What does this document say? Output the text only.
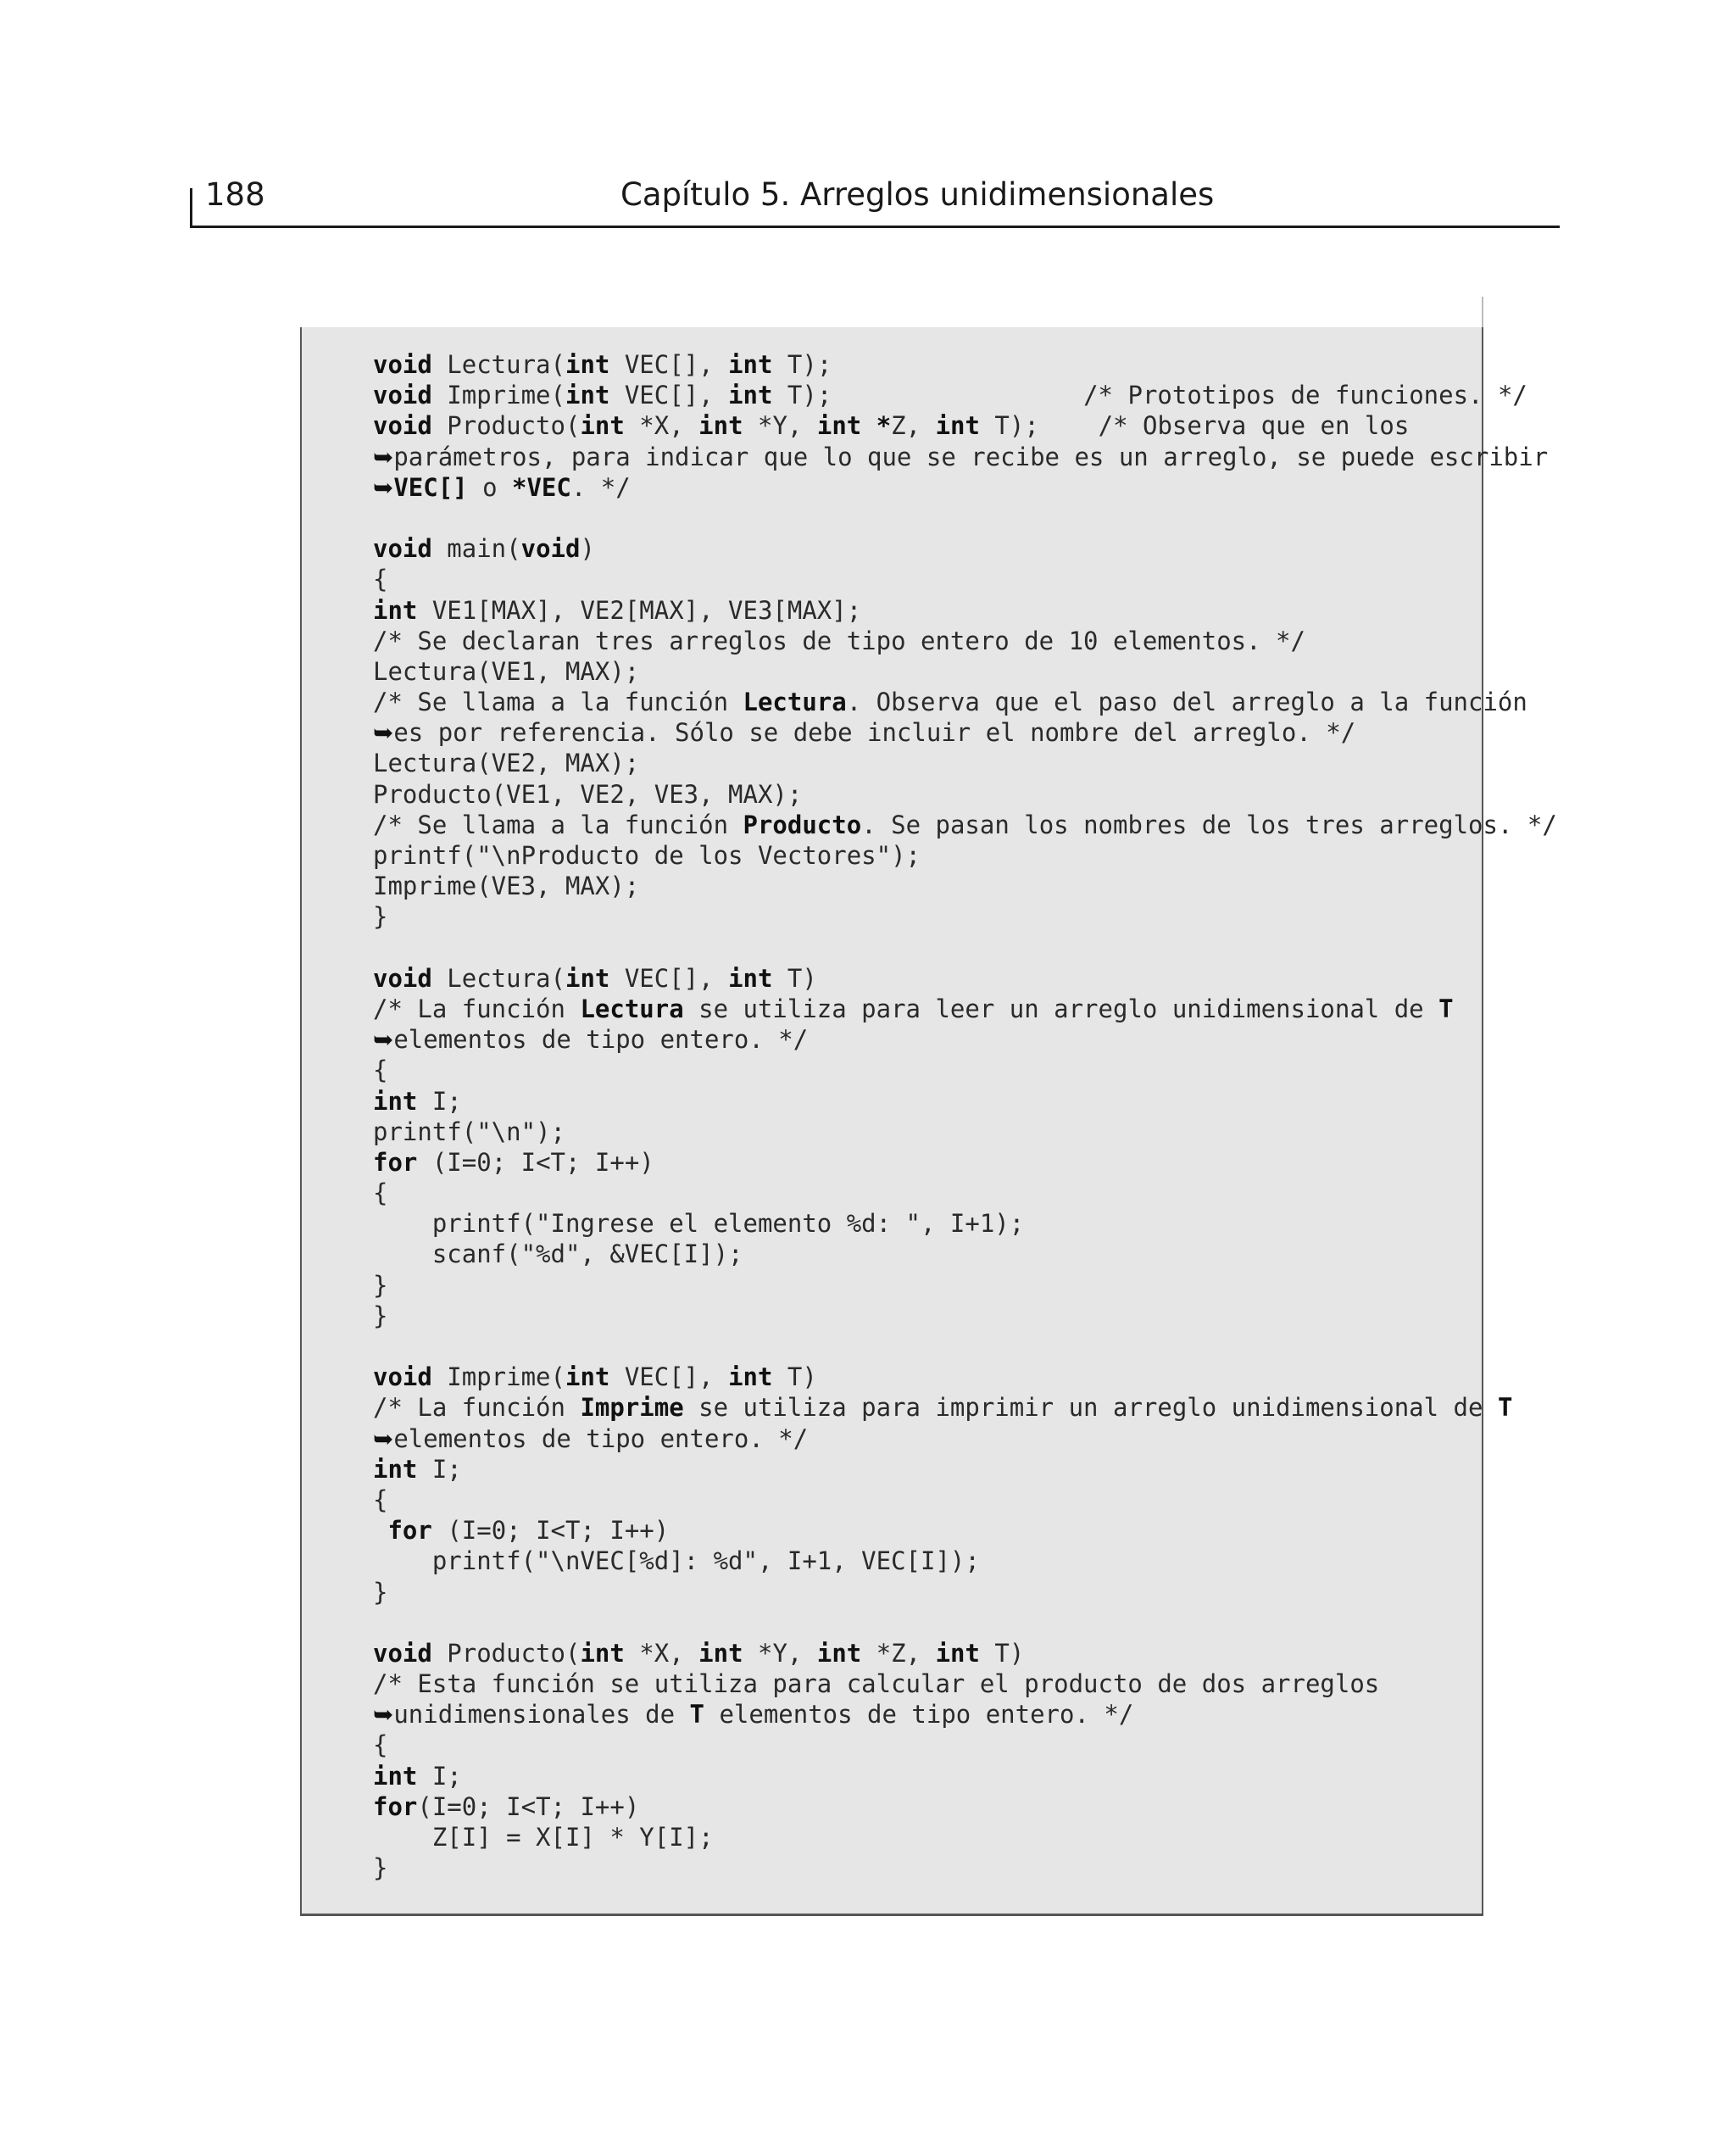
188	Capítulo 5. Arreglos unidimensionales
void Lectura(int VEC[], int T);
void Imprime(int VEC[], int T);                 /* Prototipos de funciones. */
void Producto(int *X, int *Y, int *Z, int T);    /* Observa que en los
➥parámetros, para indicar que lo que se recibe es un arreglo, se puede escribir
➥VEC[] o *VEC. */
void main(void)
{
int VE1[MAX], VE2[MAX], VE3[MAX];
/* Se declaran tres arreglos de tipo entero de 10 elementos. */
Lectura(VE1, MAX);
/* Se llama a la función Lectura. Observa que el paso del arreglo a la función
➥es por referencia. Sólo se debe incluir el nombre del arreglo. */
Lectura(VE2, MAX);
Producto(VE1, VE2, VE3, MAX);
/* Se llama a la función Producto. Se pasan los nombres de los tres arreglos. */
printf("\nProducto de los Vectores");
Imprime(VE3, MAX);
}
void Lectura(int VEC[], int T)
/* La función Lectura se utiliza para leer un arreglo unidimensional de T
➥elementos de tipo entero. */
{
int I;
printf("\n");
for (I=0; I<T; I++)
{
printf("Ingrese el elemento %d: ", I+1);
scanf("%d", &VEC[I]);
}
}
void Imprime(int VEC[], int T)
/* La función Imprime se utiliza para imprimir un arreglo unidimensional de T
➥elementos de tipo entero. */
int I;
{
for (I=0; I<T; I++)
printf("\nVEC[%d]: %d", I+1, VEC[I]);
}
void Producto(int *X, int *Y, int *Z, int T)
/* Esta función se utiliza para calcular el producto de dos arreglos
➥unidimensionales de T elementos de tipo entero. */
{
int I;
for(I=0; I<T; I++)
Z[I] = X[I] * Y[I];
}
